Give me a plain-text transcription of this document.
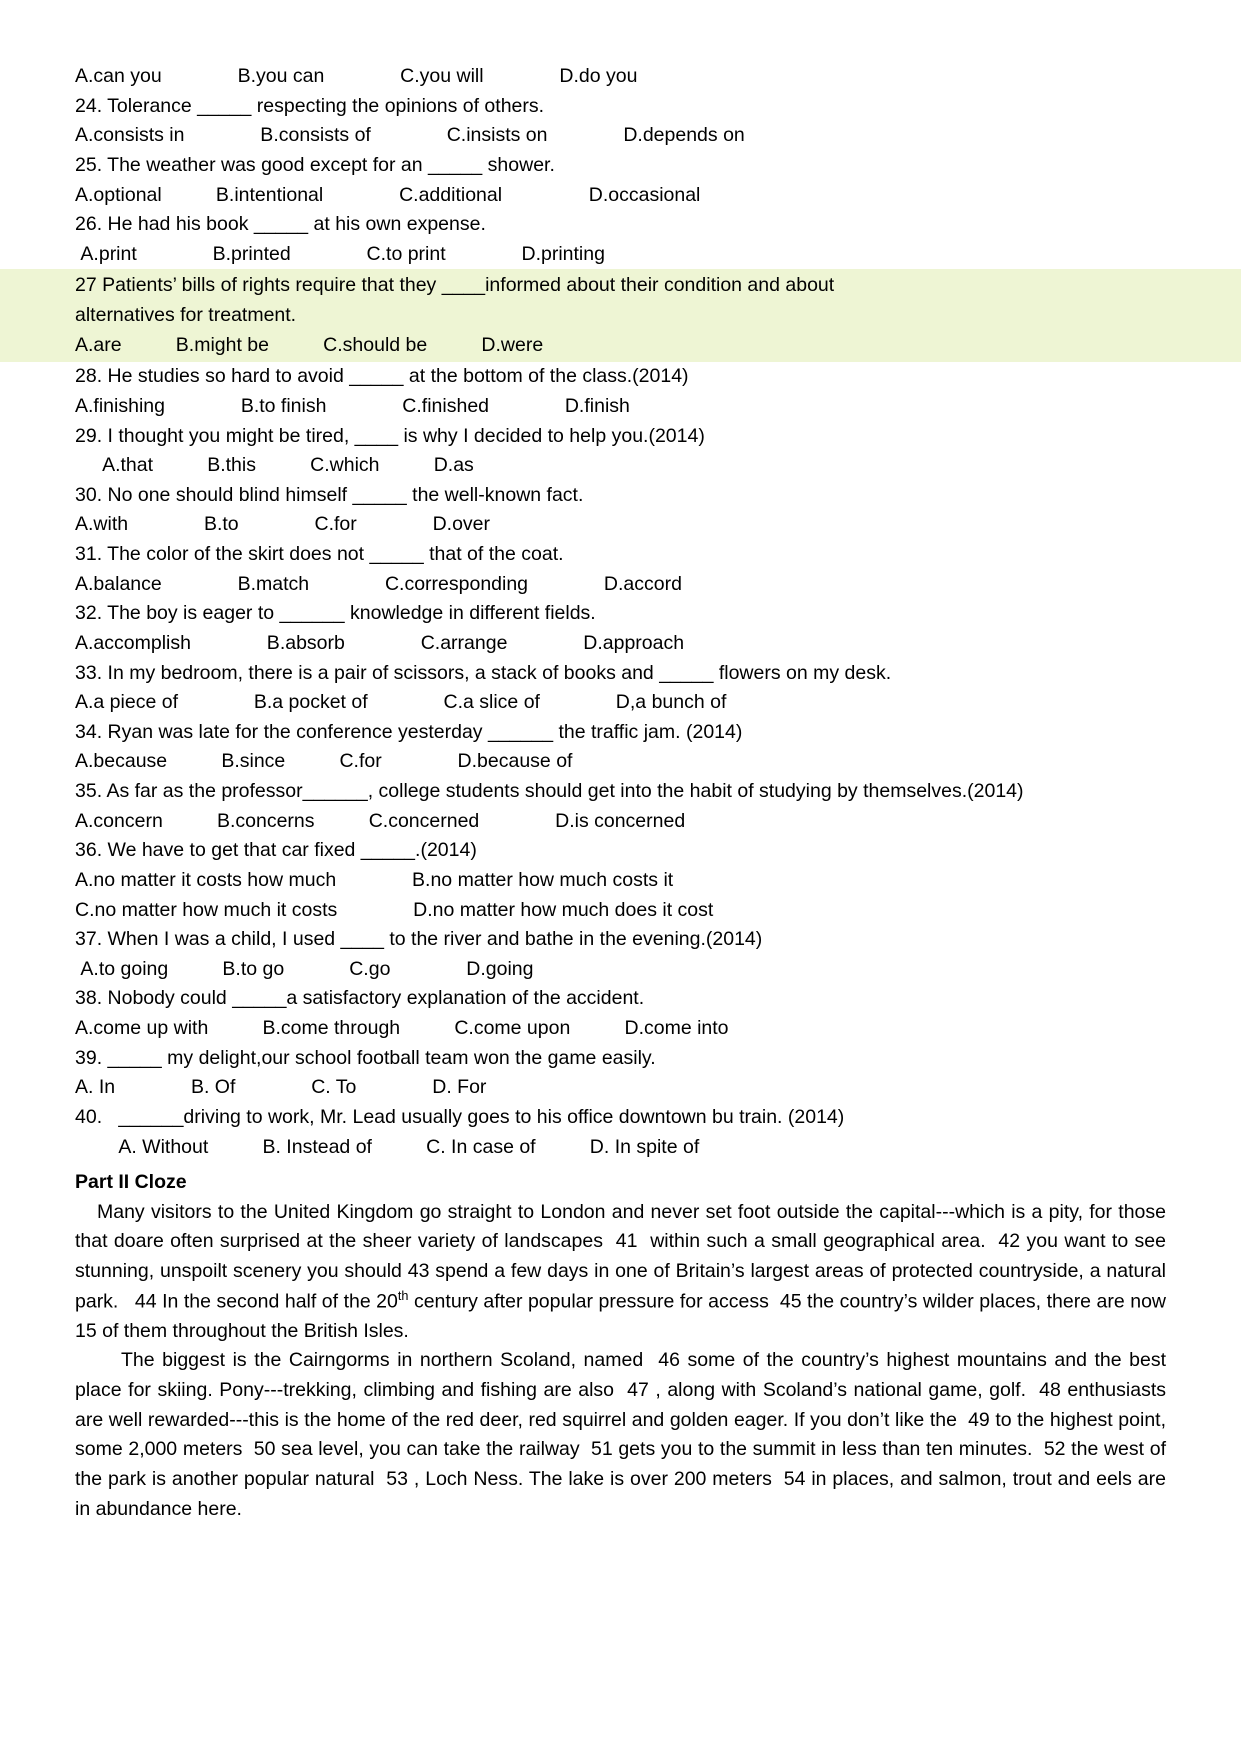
A.can you              B.you can              C.you will              D.do you

24. Tolerance _____ respecting the opinions of others.

A.consists in              B.consists of              C.insists on              D.depends on

25. The weather was good except for an _____ shower.

A.optional          B.intentional              C.additional                D.occasional

26. He had his book _____ at his own expense.

A.print              B.printed              C.to print              D.printing

27 Patients’ bills of rights require that they ____informed about their condition and about

alternatives for treatment.

A.are          B.might be          C.should be          D.were

28. He studies so hard to avoid _____ at the bottom of the class.(2014)

A.finishing              B.to finish              C.finished              D.finish

29. I thought you might be tired, ____ is why I decided to help you.(2014)

A.that          B.this          C.which          D.as

30. No one should blind himself _____ the well-known fact.

A.with              B.to              C.for              D.over

31. The color of the skirt does not _____ that of the coat.

A.balance              B.match              C.corresponding              D.accord

32. The boy is eager to ______ knowledge in different fields.

A.accomplish              B.absorb              C.arrange              D.approach

33. In my bedroom, there is a pair of scissors, a stack of books and _____ flowers on my desk.

A.a piece of              B.a pocket of              C.a slice of              D,a bunch of

34. Ryan was late for the conference yesterday ______ the traffic jam. (2014)

A.because          B.since          C.for              D.because of

35. As far as the professor______, college students should get into the habit of studying by themselves.(2014)

A.concern          B.concerns          C.concerned              D.is concerned

36. We have to get that car fixed _____.(2014)

A.no matter it costs how much              B.no matter how much costs it

C.no matter how much it costs              D.no matter how much does it cost

37. When I was a child, I used ____ to the river and bathe in the evening.(2014)

A.to going          B.to go            C.go              D.going

38. Nobody could _____a satisfactory explanation of the accident.

A.come up with          B.come through          C.come upon          D.come into

39. _____ my delight,our school football team won the game easily.

A. In              B. Of              C. To              D. For

40.   ______driving to work, Mr. Lead usually goes to his office downtown bu train. (2014)

A. Without          B. Instead of          C. In case of          D. In spite of

Part II Cloze

Many visitors to the United Kingdom go straight to London and never set foot outside the capital---which is a pity, for those that doare often surprised at the sheer variety of landscapes  41  within such a small geographical area.  42 you want to see stunning, unspoilt scenery you should 43 spend a few days in one of Britain’s largest areas of protected countryside, a natural park.   44 In the second half of the 20th century after popular pressure for access  45 the country’s wilder places, there are now 15 of them throughout the British Isles.

The biggest is the Cairngorms in northern Scoland, named  46 some of the country’s highest mountains and the best place for skiing. Pony---trekking, climbing and fishing are also  47 , along with Scoland’s national game, golf.  48 enthusiasts are well rewarded---this is the home of the red deer, red squirrel and golden eager. If you don’t like the  49 to the highest point, some 2,000 meters  50 sea level, you can take the railway  51 gets you to the summit in less than ten minutes.  52 the west of the park is another popular natural  53 , Loch Ness. The lake is over 200 meters  54 in places, and salmon, trout and eels are in abundance here.
